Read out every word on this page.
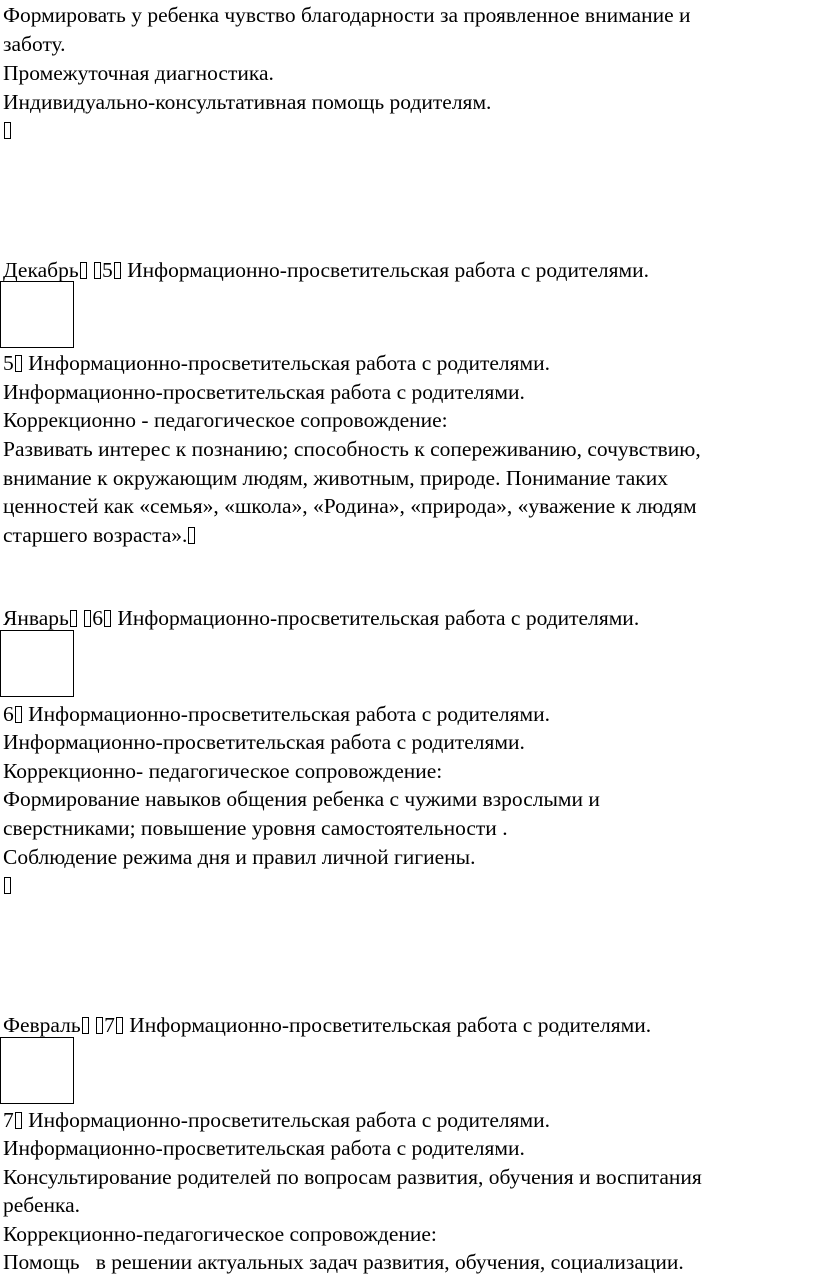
Формировать у ребенка чувство благодарности за проявленное внимание и
заботу.
Промежуточная диагностика.
Индивидуально-консультативная помощь родителям.
Декабрь 5 Информационно-просветительская работа с родителями.
5 Информационно-просветительская работа с родителями.
Информационно-просветительская работа с родителями.
Коррекционно - педагогическое сопровождение:
Развивать интерес к познанию; способность к сопереживанию, сочувствию,
внимание к окружающим людям, животным, природе. Понимание таких
ценностей как «семья», «школа», «Родина», «природа», «уважение к людям
старшего возраста».
Январь 6 Информационно-просветительская работа с родителями.
6 Информационно-просветительская работа с родителями.
Информационно-просветительская работа с родителями.
Коррекционно- педагогическое сопровождение:
Формирование навыков общения ребенка с чужими взрослыми и
сверстниками; повышение уровня самостоятельности .
Соблюдение режима дня и правил личной гигиены.
Февраль 7 Информационно-просветительская работа с родителями.
7 Информационно-просветительская работа с родителями.
Информационно-просветительская работа с родителями.
Консультирование родителей по вопросам развития, обучения и воспитания
ребенка.
Коррекционно-педагогическое сопровождение:
Помощь   в решении актуальных задач развития, обучения, социализации.
